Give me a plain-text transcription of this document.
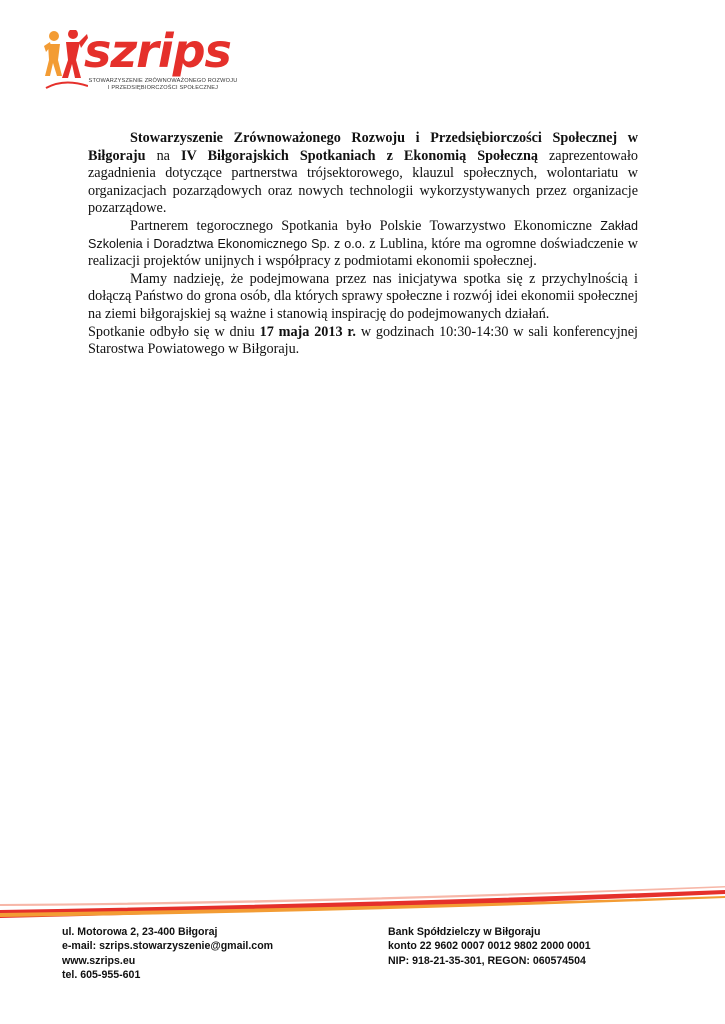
szrips
STOWARZYSZENIE ZRÓWNOWAŻONEGO ROZWOJU
I PRZEDSIĘBIORCZOŚCI SPOŁECZNEJ

Stowarzyszenie Zrównoważonego Rozwoju i Przedsiębiorczości Społecznej w Biłgoraju na IV Biłgorajskich Spotkaniach z Ekonomią Społeczną zaprezentowało zagadnienia dotyczące partnerstwa trójsektorowego, klauzul społecznych, wolontariatu w organizacjach pozarządowych oraz nowych technologii wykorzystywanych przez organizacje pozarządowe.

Partnerem tegorocznego Spotkania było Polskie Towarzystwo Ekonomiczne Zakład Szkolenia i Doradztwa Ekonomicznego Sp. z o.o. z Lublina, które ma ogromne doświadczenie w realizacji projektów unijnych i współpracy z podmiotami ekonomii społecznej.

Mamy nadzieję, że podejmowana przez nas inicjatywa spotka się z przychylnością i dołączą Państwo do grona osób, dla których sprawy społeczne i rozwój idei ekonomii społecznej na ziemi biłgorajskiej są ważne i stanowią inspirację do podejmowanych działań.

Spotkanie odbyło się w dniu 17 maja 2013 r. w godzinach 10:30-14:30 w sali konferencyjnej Starostwa Powiatowego w Biłgoraju.

ul. Motorowa 2, 23-400 Biłgoraj
e-mail: szrips.stowarzyszenie@gmail.com
www.szrips.eu
tel. 605-955-601
Bank Spółdzielczy w Biłgoraju
konto 22 9602 0007 0012 9802 2000 0001
NIP: 918-21-35-301, REGON: 060574504
